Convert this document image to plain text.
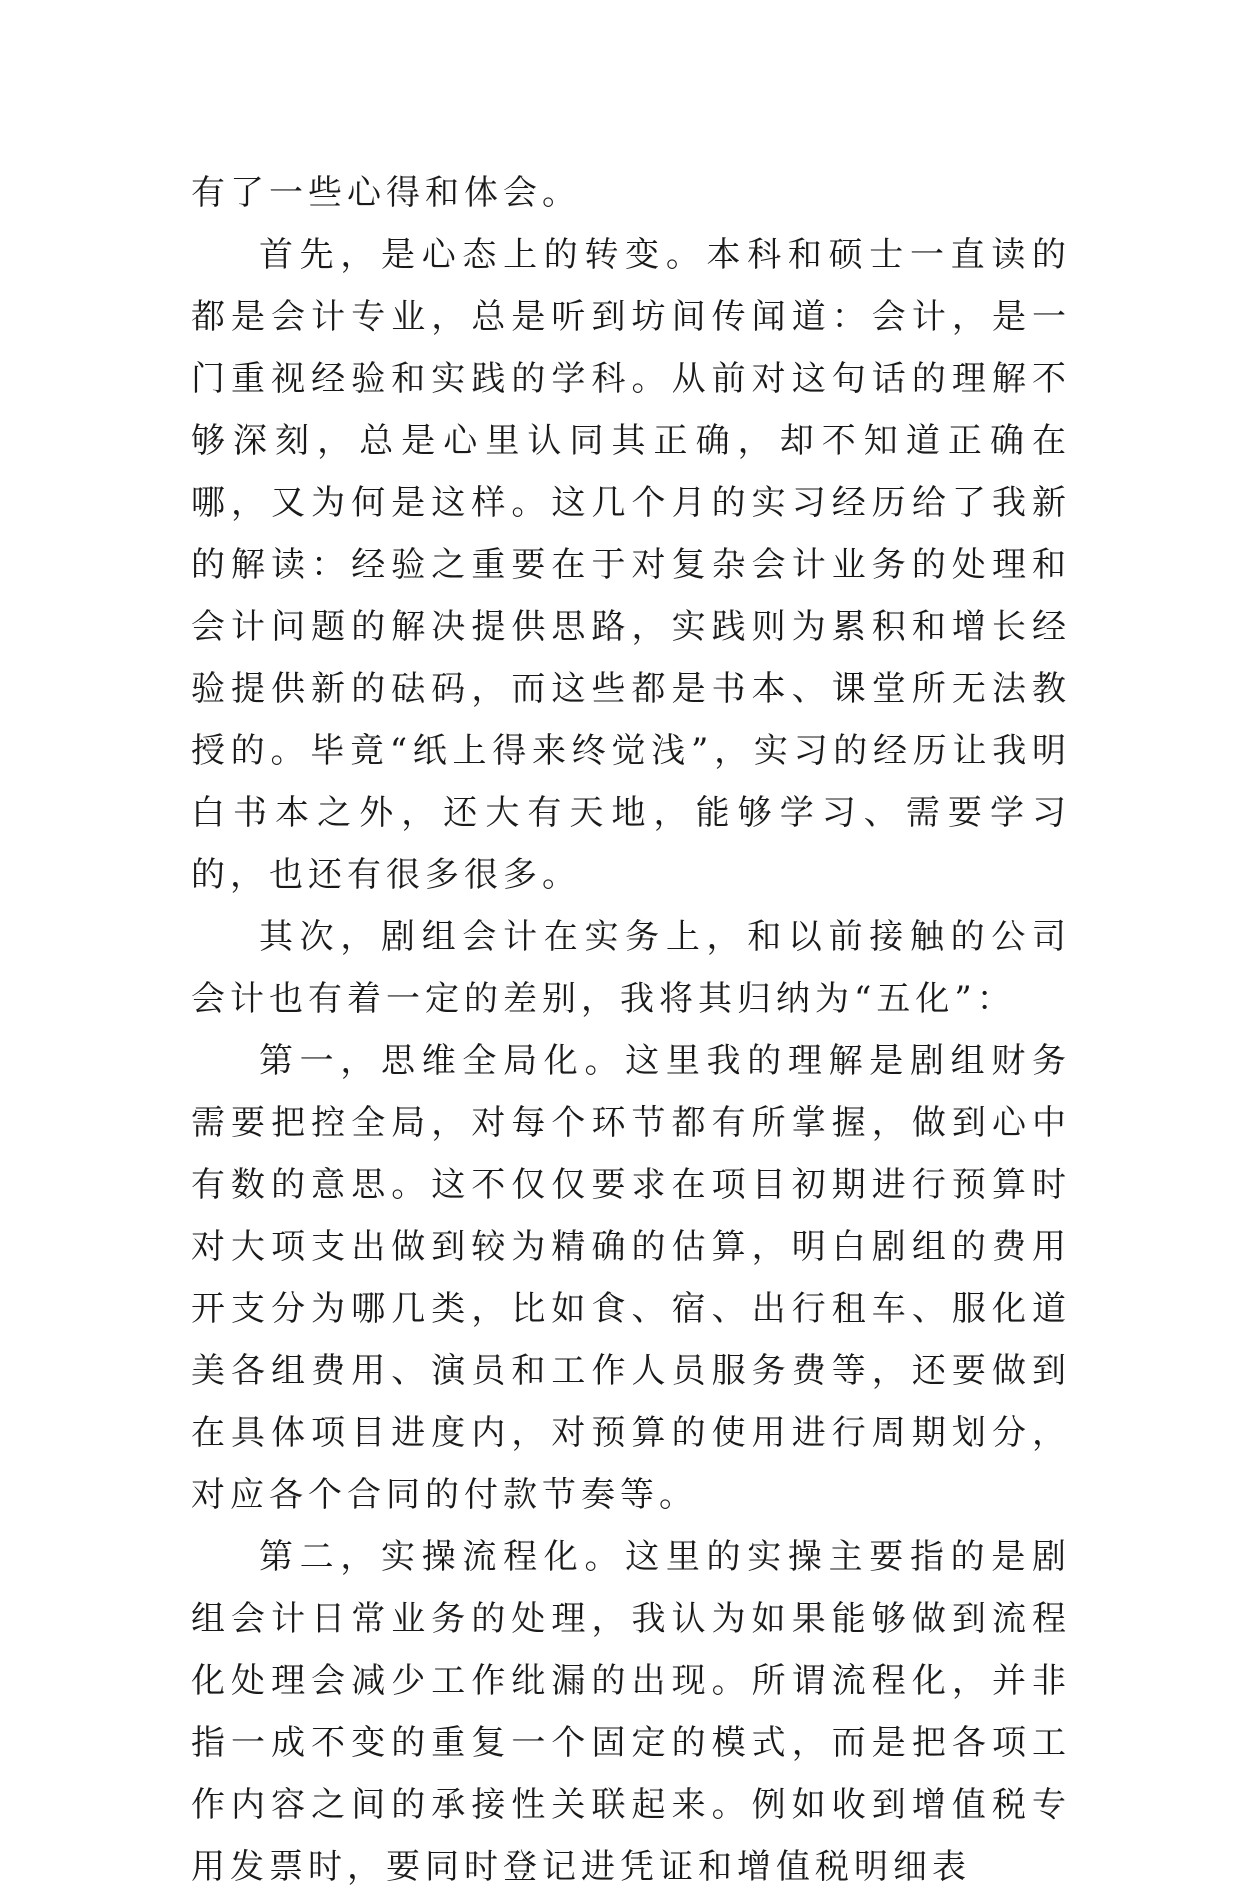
有了一些心得和体会。

首先，是心态上的转变。本科和硕士一直读的都是会计专业，总是听到坊间传闻道：会计，是一门重视经验和实践的学科。从前对这句话的理解不够深刻，总是心里认同其正确，却不知道正确在哪，又为何是这样。这几个月的实习经历给了我新的解读：经验之重要在于对复杂会计业务的处理和会计问题的解决提供思路，实践则为累积和增长经验提供新的砝码，而这些都是书本、课堂所无法教授的。毕竟“纸上得来终觉浅”，实习的经历让我明白书本之外，还大有天地，能够学习、需要学习的，也还有很多很多。

其次，剧组会计在实务上，和以前接触的公司会计也有着一定的差别，我将其归纳为“五化”：

第一，思维全局化。这里我的理解是剧组财务需要把控全局，对每个环节都有所掌握，做到心中有数的意思。这不仅仅要求在项目初期进行预算时对大项支出做到较为精确的估算，明白剧组的费用开支分为哪几类，比如食、宿、出行租车、服化道美各组费用、演员和工作人员服务费等，还要做到在具体项目进度内，对预算的使用进行周期划分，对应各个合同的付款节奏等。

第二，实操流程化。这里的实操主要指的是剧组会计日常业务的处理，我认为如果能够做到流程化处理会减少工作纰漏的出现。所谓流程化，并非指一成不变的重复一个固定的模式，而是把各项工作内容之间的承接性关联起来。例如收到增值税专用发票时，要同时登记进凭证和增值税明细表
